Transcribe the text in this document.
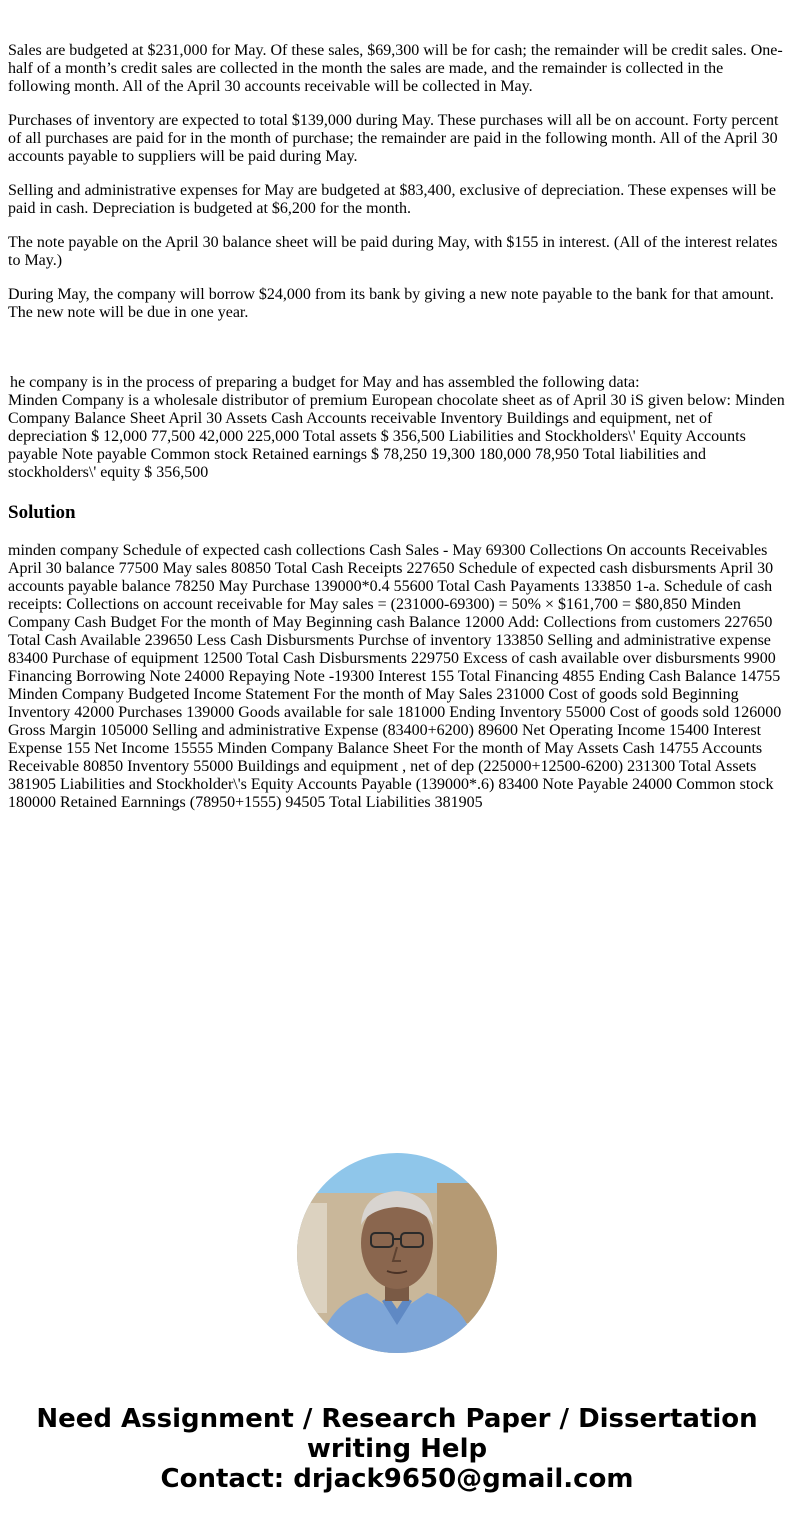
Sales are budgeted at $231,000 for May. Of these sales, $69,300 will be for cash; the remainder will be credit sales. One-half of a month’s credit sales are collected in the month the sales are made, and the remainder is collected in the following month. All of the April 30 accounts receivable will be collected in May.

Purchases of inventory are expected to total $139,000 during May. These purchases will all be on account. Forty percent of all purchases are paid for in the month of purchase; the remainder are paid in the following month. All of the April 30 accounts payable to suppliers will be paid during May.

Selling and administrative expenses for May are budgeted at $83,400, exclusive of depreciation. These expenses will be paid in cash. Depreciation is budgeted at $6,200 for the month.

The note payable on the April 30 balance sheet will be paid during May, with $155 in interest. (All of the interest relates to May.)

During May, the company will borrow $24,000 from its bank by giving a new note payable to the bank for that amount. The new note will be due in one year.

he company is in the process of preparing a budget for May and has assembled the following data:

Minden Company is a wholesale distributor of premium European chocolate sheet as of April 30 iS given below: Minden Company Balance Sheet April 30 Assets Cash Accounts receivable Inventory Buildings and equipment, net of depreciation $ 12,000 77,500 42,000 225,000 Total assets $ 356,500 Liabilities and Stockholders\' Equity Accounts payable Note payable Common stock Retained earnings $ 78,250 19,300 180,000 78,950 Total liabilities and stockholders\' equity $ 356,500

Solution

minden company Schedule of expected cash collections Cash Sales - May 69300 Collections On accounts Receivables April 30 balance 77500 May sales 80850 Total Cash Receipts 227650 Schedule of expected cash disbursments April 30 accounts payable balance 78250 May Purchase 139000*0.4 55600 Total Cash Payaments 133850 1-a. Schedule of cash receipts: Collections on account receivable for May sales = (231000-69300) = 50% × $161,700 = $80,850 Minden Company Cash Budget For the month of May Beginning cash Balance 12000 Add: Collections from customers 227650 Total Cash Available 239650 Less Cash Disbursments Purchse of inventory 133850 Selling and administrative expense 83400 Purchase of equipment 12500 Total Cash Disbursments 229750 Excess of cash available over disbursments 9900 Financing Borrowing Note 24000 Repaying Note -19300 Interest 155 Total Financing 4855 Ending Cash Balance 14755 Minden Company Budgeted Income Statement For the month of May Sales 231000 Cost of goods sold Beginning Inventory 42000 Purchases 139000 Goods available for sale 181000 Ending Inventory 55000 Cost of goods sold 126000 Gross Margin 105000 Selling and administrative Expense (83400+6200) 89600 Net Operating Income 15400 Interest Expense 155 Net Income 15555 Minden Company Balance Sheet For the month of May Assets Cash 14755 Accounts Receivable 80850 Inventory 55000 Buildings and equipment , net of dep (225000+12500-6200) 231300 Total Assets 381905 Liabilities and Stockholder\'s Equity Accounts Payable (139000*.6) 83400 Note Payable 24000 Common stock 180000 Retained Earnnings (78950+1555) 94505 Total Liabilities 381905

Need Assignment / Research Paper / Dissertation writing Help
Contact: drjack9650@gmail.com
